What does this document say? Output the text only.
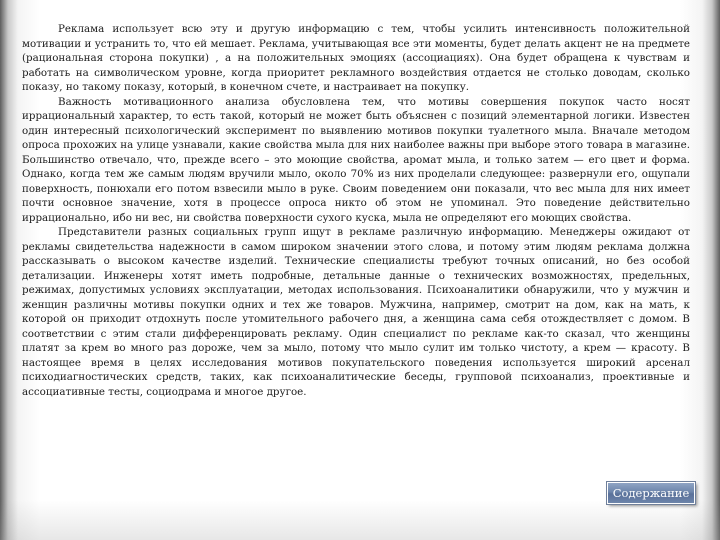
Реклама использует всю эту и другую информацию с тем, чтобы усилить интенсивность положительной мотивации и устранить то, что ей мешает. Реклама, учитывающая все эти моменты, будет делать акцент не на предмете (рациональная сторона покупки) , а на положительных эмоциях (ассоциациях). Она будет обращена к чувствам и работать на символическом уровне, когда приоритет рекламного воздействия отдается не столько доводам, сколько показу, но такому показу, который, в конечном счете, и настраивает на покупку.

Важность мотивационного анализа обусловлена тем, что мотивы совершения покупок часто носят иррациональный характер, то есть такой, который не может быть объяснен с позиций элементарной логики. Известен один интересный психологический эксперимент по выявлению мотивов покупки туалетного мыла. Вначале методом опроса прохожих на улице узнавали, какие свойства мыла для них наиболее важны при выборе этого товара в магазине. Большинство отвечало, что, прежде всего – это моющие свойства, аромат мыла, и только затем — его цвет и форма. Однако, когда тем же самым людям вручили мыло, около 70% из них проделали следующее: развернули его, ощупали поверхность, понюхали его потом взвесили мыло в руке. Своим поведением они показали, что вес мыла для них имеет почти основное значение, хотя в процессе опроса никто об этом не упоминал. Это поведение действительно иррационально, ибо ни вес, ни свойства поверхности сухого куска, мыла не определяют его моющих свойства.

Представители разных социальных групп ищут в рекламе различную информацию. Менеджеры ожидают от рекламы свидетельства надежности в самом широком значении этого слова, и потому этим людям реклама должна рассказывать о высоком качестве изделий. Технические специалисты требуют точных описаний, но без особой детализации. Инженеры хотят иметь подробные, детальные данные о технических возможностях, предельных, режимах, допустимых условиях эксплуатации, методах использования. Психоаналитики обнаружили, что у мужчин и женщин различны мотивы покупки одних и тех же товаров. Мужчина, например, смотрит на дом, как на мать, к которой он приходит отдохнуть после утомительного рабочего дня, а женщина сама себя отождествляет с домом. В соответствии с этим стали дифференцировать рекламу. Один специалист по рекламе как-то сказал, что женщины платят за крем во много раз дороже, чем за мыло, потому что мыло сулит им только чистоту, а крем — красоту. В настоящее время в целях исследования мотивов покупательского поведения используется широкий арсенал психодиагностических средств, таких, как психоаналитические беседы, групповой психоанализ, проективные и ассоциативные тесты, социодрама и многое другое.

Содержание
